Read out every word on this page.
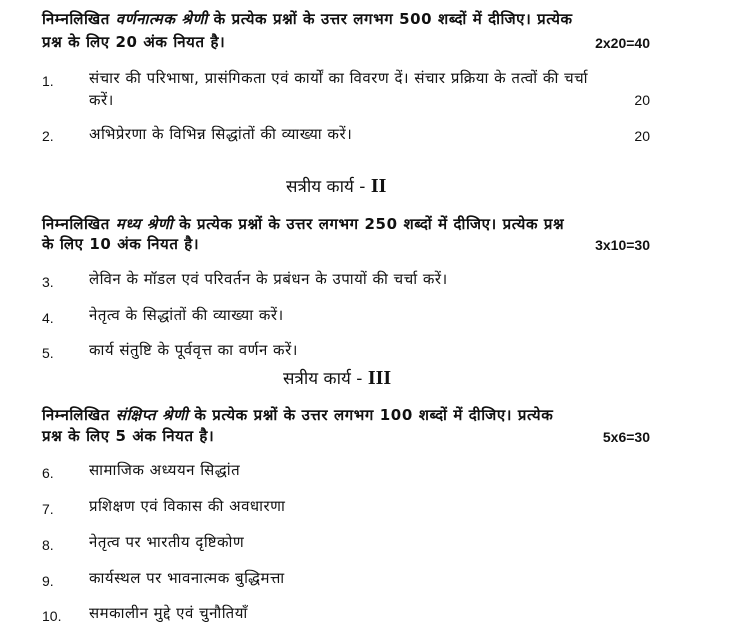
निम्नलिखित वर्णनात्मक श्रेणी के प्रत्येक प्रश्नों के उत्तर लगभग 500 शब्दों में दीजिए। प्रत्येक
प्रश्न के लिए 20 अंक नियत है।	2x20=40
1. संचार की परिभाषा, प्रासंगिकता एवं कार्यों का विवरण दें। संचार प्रक्रिया के तत्वों की चर्चा
करें।	20
2. अभिप्रेरणा के विभिन्न सिद्धांतों की व्याख्या करें।	20
सत्रीय कार्य - II
निम्नलिखित मध्य श्रेणी के प्रत्येक प्रश्नों के उत्तर लगभग 250 शब्दों में दीजिए। प्रत्येक प्रश्न
के लिए 10 अंक नियत है।	3x10=30
3. लेविन के मॉडल एवं परिवर्तन के प्रबंधन के उपायों की चर्चा करें।
4. नेतृत्व के सिद्धांतों की व्याख्या करें।
5. कार्य संतुष्टि के पूर्ववृत्त का वर्णन करें।
सत्रीय कार्य - III
निम्नलिखित संक्षिप्त श्रेणी के प्रत्येक प्रश्नों के उत्तर लगभग 100 शब्दों में दीजिए। प्रत्येक
प्रश्न के लिए 5 अंक नियत है।	5x6=30
6. सामाजिक अध्ययन सिद्धांत
7. प्रशिक्षण एवं विकास की अवधारणा
8. नेतृत्व पर भारतीय दृष्टिकोण
9. कार्यस्थल पर भावनात्मक बुद्धिमत्ता
10. समकालीन मुद्दे एवं चुनौतियाँ
